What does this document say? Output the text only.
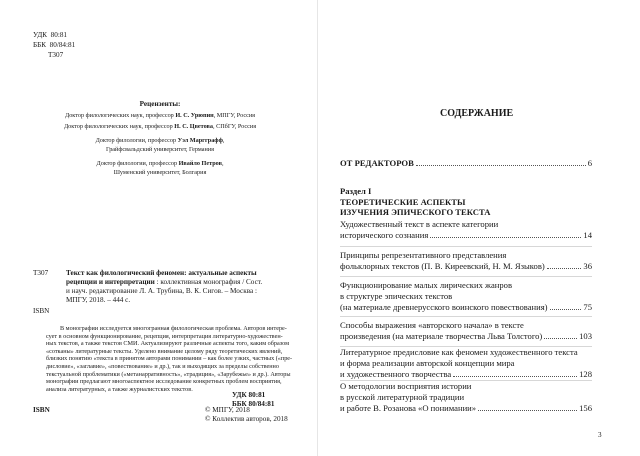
УДК 80:81
ББК 80/84:81
Т307
Рецензенты:
Доктор филологических наук, профессор И. С. Урюпин, МПГУ, Россия
Доктор филологических наук, профессор Н. С. Цветова, СПбГУ, Россия
Доктор филологии, профессор Уэл Маргграфф,
Грайфсвальдский университет, Германия
Доктор филологии, профессор Ивайло Петров,
Шуменский университет, Болгария
Т307 Текст как филологический феномен: актуальные аспекты
рецепции и интерпретации : коллективная монография / Сост.
и науч. редактирование Л. А. Трубина, В. К. Сигов. – Москва :
МПГУ, 2018. – 444 с.
ISBN
В монографии исследуется многогранная филологическая проблема. Авторов интере-
сует в основном функционирование, рецепция, интерпретация литературно-художествен-
ных текстов, а также текстов СМИ. Актуализируют различные аспекты того, каким образом
«сотканы» литературные тексты. Уделено внимание целому ряду теоретических явлений,
близких понятию «текста в принятом авторами понимании – как более узких, частных («пре-
дисловие», «заглавие», «повествование» и др.), так и выходящих за пределы собственно
текстуальной проблематики («метанарративность», «традиция», «Зарубежье» и др.). Авторы
монографии предлагают многоаспектное исследование конкретных проблем восприятия,
анализа литературных, а также журналистских текстов.
УДК 80:81
ББК 80/84:81
ISBN	© МПГУ, 2018
© Коллектив авторов, 2018
СОДЕРЖАНИЕ
ОТ РЕДАКТОРОВ	6
Раздел I
ТЕОРЕТИЧЕСКИЕ АСПЕКТЫ
ИЗУЧЕНИЯ ЭПИЧЕСКОГО ТЕКСТА
Художественный текст в аспекте категории
исторического сознания	14
Принципы репрезентативного представления
фольклорных текстов (П. В. Киреевский, Н. М. Языков)	36
Функционирование малых лирических жанров
в структуре эпических текстов
(на материале древнерусского воинского повествования)	75
Способы выражения «авторского начала» в тексте
произведения (на материале творчества Льва Толстого)	103
Литературное предисловие как феномен художественного текста
и форма реализации авторской концепции мира
и художественного творчества	128
О методологии восприятия истории
в русской литературной традиции
и работе В. Розанова «О понимании»	156
3
